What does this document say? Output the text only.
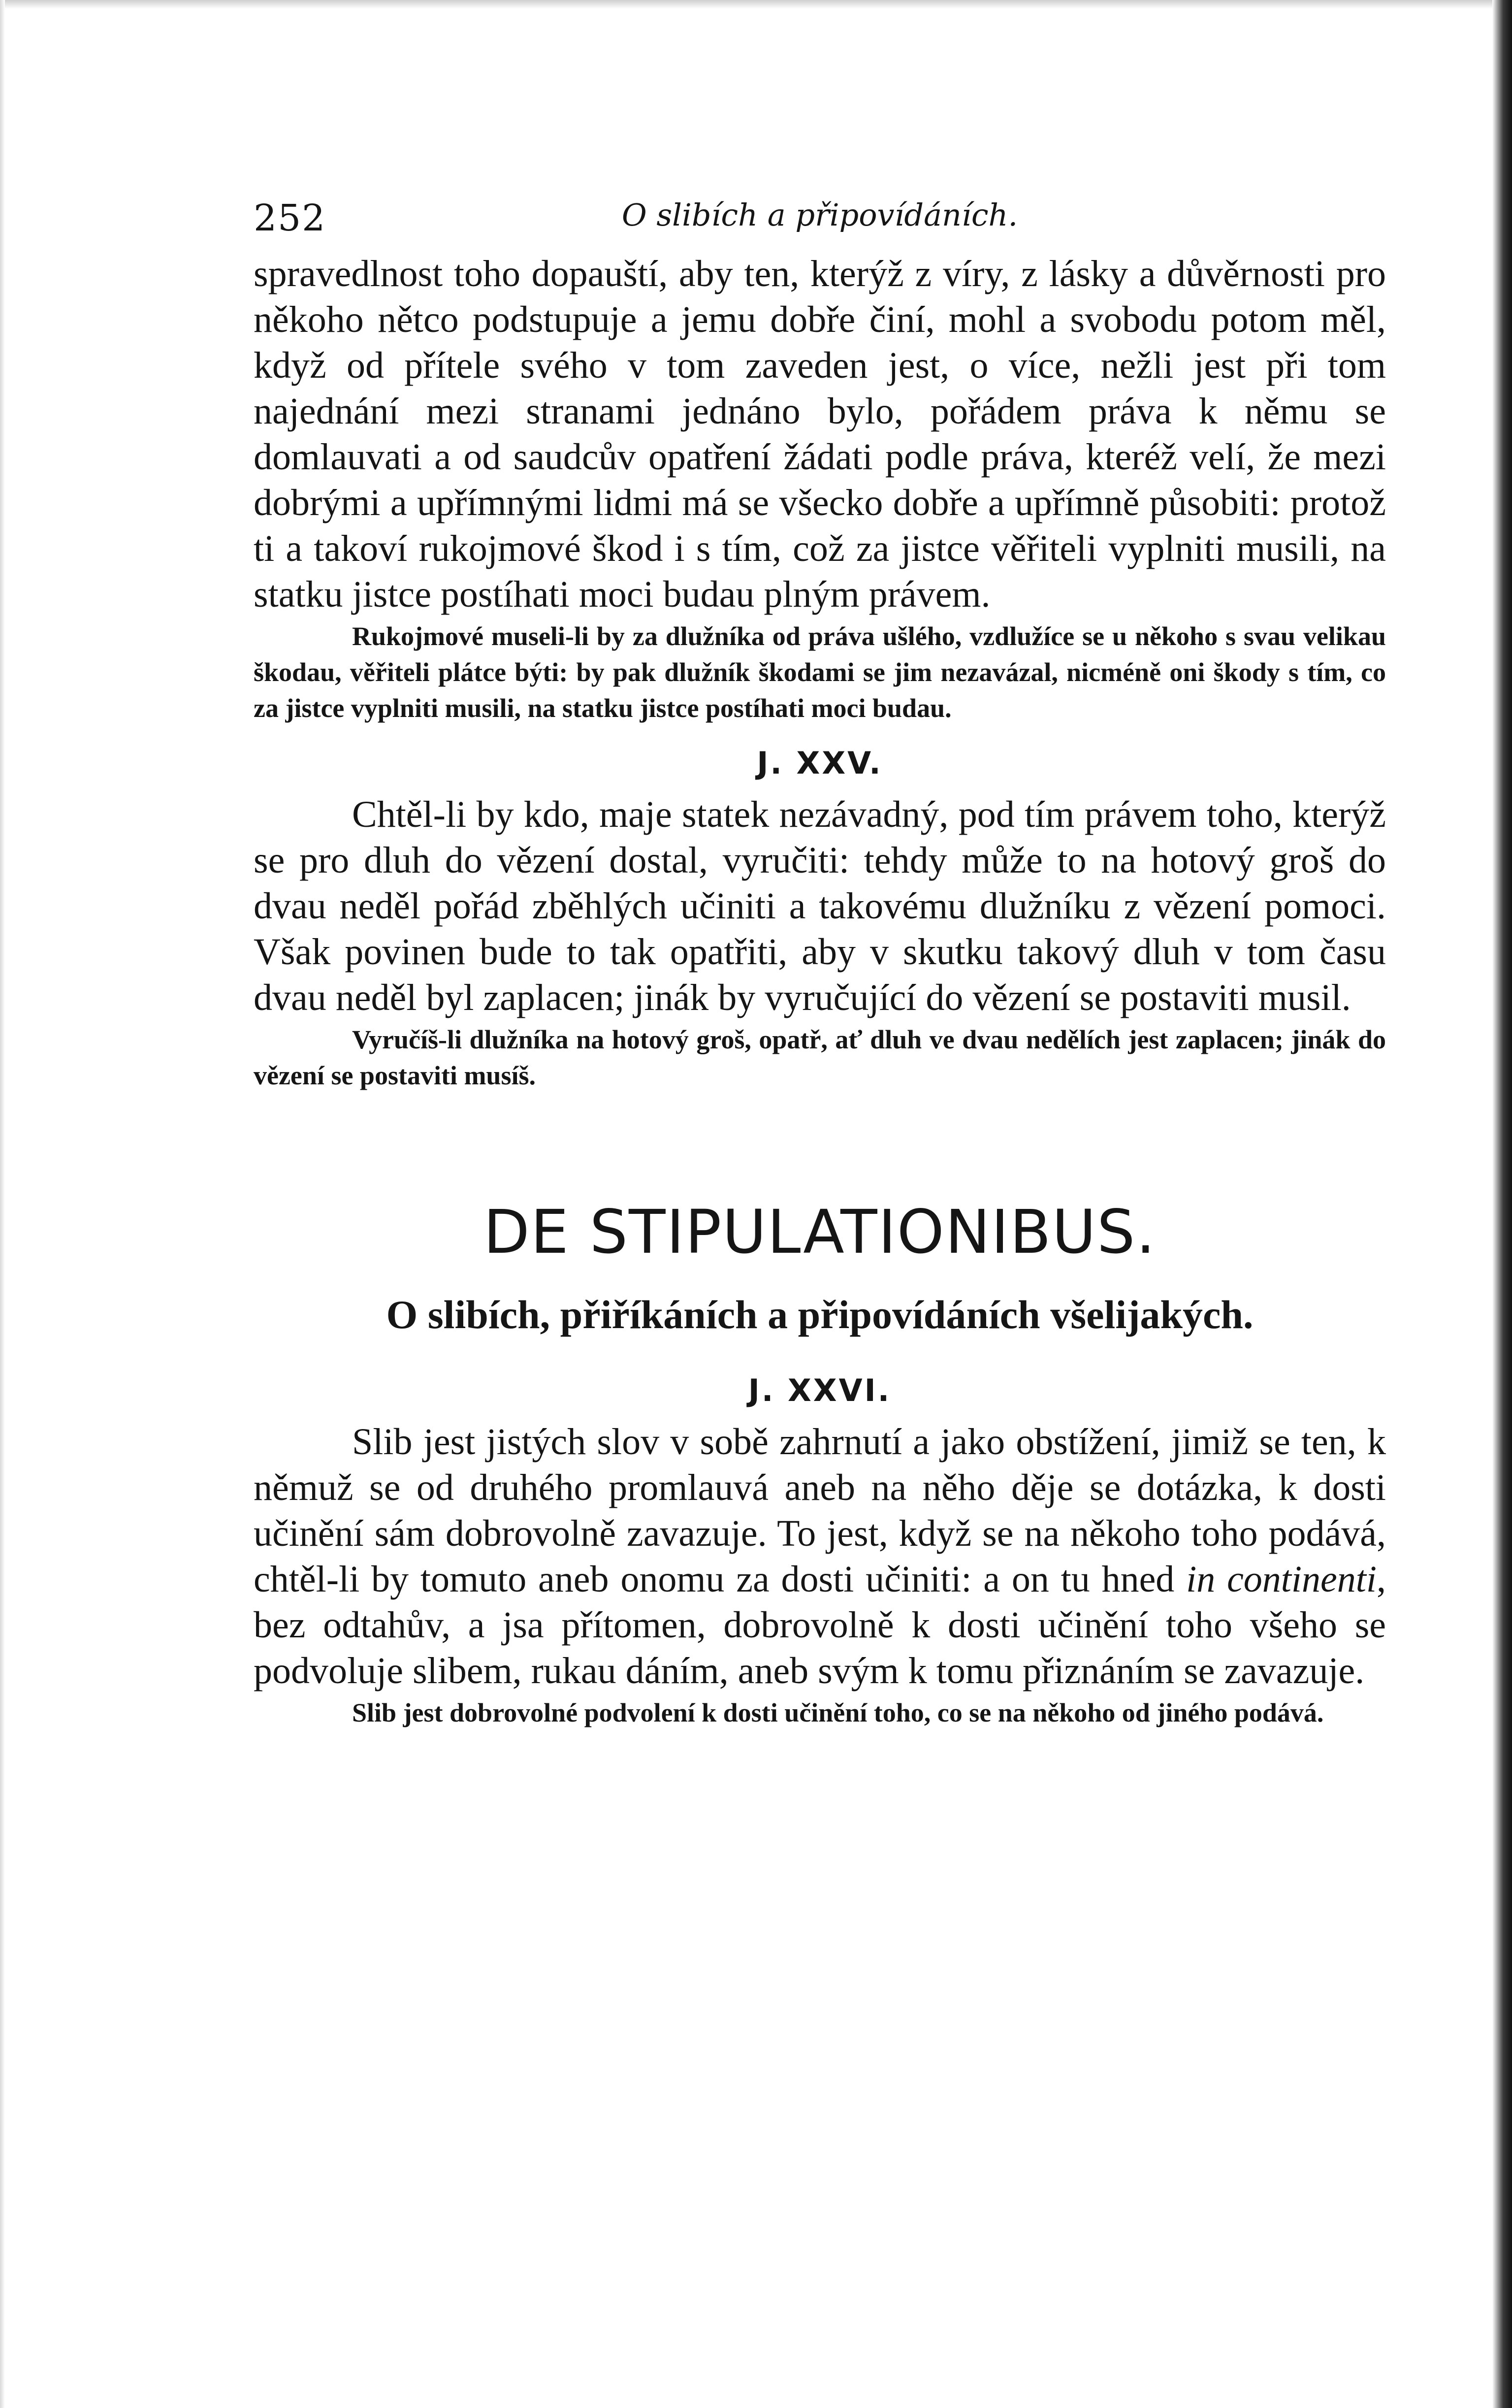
252	O slibích a připovídáních.

spravedlnost toho dopauští, aby ten, kterýž z víry, z lásky a důvěrnosti pro někoho nětco podstupuje a jemu dobře činí, mohl a svobodu potom měl, když od přítele svého v tom zaveden jest, o více, nežli jest při tom najednání mezi stranami jednáno bylo, pořádem práva k němu se domlauvati a od saudcův opatření žádati podle práva, kteréž velí, že mezi dobrými a upřímnými lidmi má se všecko dobře a upřímně působiti: protož ti a takoví rukojmové škod i s tím, což za jistce věřiteli vyplniti musili, na statku jistce postíhati moci budau plným právem.

Rukojmové museli-li by za dlužníka od práva ušlého, vzdlužíce se u někoho s svau velikau škodau, věřiteli plátce býti: by pak dlužník škodami se jim nezavázal, nicméně oni škody s tím, co za jistce vyplniti musili, na statku jistce postíhati moci budau.

J. XXV.

Chtěl-li by kdo, maje statek nezávadný, pod tím právem toho, kterýž se pro dluh do vězení dostal, vyručiti: tehdy může to na hotový groš do dvau neděl pořád zběhlých učiniti a takovému dlužníku z vězení pomoci. Však povinen bude to tak opatřiti, aby v skutku takový dluh v tom času dvau neděl byl zaplacen; jinák by vyručující do vězení se postaviti musil.

Vyručíš-li dlužníka na hotový groš, opatř, ať dluh ve dvau nedělích jest zaplacen; jinák do vězení se postaviti musíš.

DE STIPULATIONIBUS.
O slibích, přiříkáních a připovídáních všelijakých.
J. XXVI.

Slib jest jistých slov v sobě zahrnutí a jako obstížení, jimiž se ten, k němuž se od druhého promlauvá aneb na něho děje se dotázka, k dosti učinění sám dobrovolně zavazuje. To jest, když se na někoho toho podává, chtěl-li by tomuto aneb onomu za dosti učiniti: a on tu hned in continenti, bez odtahův, a jsa přítomen, dobrovolně k dosti učinění toho všeho se podvoluje slibem, rukau dáním, aneb svým k tomu přiznáním se zavazuje.

Slib jest dobrovolné podvolení k dosti učinění toho, co se na někoho od jiného podává.
